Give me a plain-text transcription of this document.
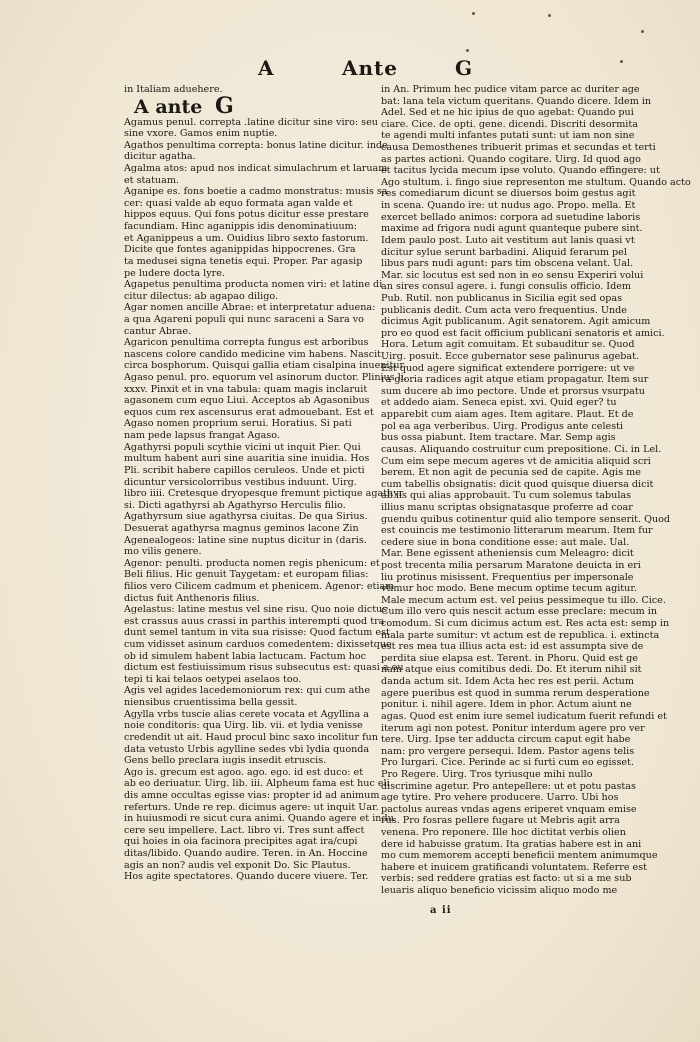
A	Ante	G
in Italiam aduehere.
A ante G
Agamus penul. correpta .latine dicitur sine viro: seu
sine vxore. Gamos enim nuptie.
Agathos penultima correpta: bonus latine dicitur. inde
dicitur agatha.
Agalma atos: apud nos indicat simulachrum et laruam
et statuam.
Aganipe es. fons boetie a cadmo monstratus: musis sa
cer: quasi valde ab equo formata agan valde et
hippos equus. Qui fons potus dicitur esse prestare
facundiam. Hinc aganippis idis denominatiuum:
et Aganippeus a um. Ouidius libro sexto fastorum.
Dicite que fontes aganippidas hippocrenes. Gra
ta medusei signa tenetis equi. Proper. Par agasip
pe ludere docta lyre.
Agapetus penultima producta nomen viri: et latine di
citur dilectus: ab agapao diligo.
Agar nomen ancille Abrae: et interpretatur aduena:
a qua Agareni populi qui nunc saraceni a Sara vo
cantur Abrae.
Agaricon penultima correpta fungus est arboribus
nascens colore candido medicine vim habens. Nascit
circa bosphorum. Quisqui gallia etiam cisalpina inuenitur.
Agaso penul. pro. equorum vel asinorum ductor. Plinius li.
xxxv. Pinxit et in vna tabula: quam magis inclaruit
agasonem cum equo Liui. Acceptos ab Agasonibus
equos cum rex ascensurus erat admouebant. Est et
Agaso nomen proprium serui. Horatius. Si pati
nam pede lapsus frangat Agaso.
Agathyrsi populi scythie vicini ut inquit Pier. Qui
multum habent auri sine auaritia sine inuidia. Hos
Pli. scribit habere capillos ceruleos. Unde et picti
dicuntur versicolorribus vestibus induunt. Uirg.
libro iiii. Cretesque dryopesque fremunt pictique agathyr
si. Dicti agathyrsi ab Agathyrso Herculis filio.
Agathyrsum siue agathyrsa ciuitas. De qua Sirius.
Desuerat agathyrsa magnus geminos lacone Zin
Agenealogeos: latine sine nuptus dicitur in (daris.
mo vilis genere.
Agenor: penulti. producta nomen regis phenicum: et
Beli filius. Hic genuit Taygetam: et europam filias:
filios vero Cilicem cadmum et phenicem. Agenor: etiam
dictus fuit Anthenoris filius.
Agelastus: latine mestus vel sine risu. Quo noie dictus
est crassus auus crassi in parthis interempti quod tra
dunt semel tantum in vita sua risisse: Quod factum est
cum vidisset asinum carduos comedentem: dixissetque
ob id simulem habent labia lactucam. Factum hoc
dictum est festiuissimum risus subsecutus est: quasi a ou
tepi ti kai telaos oetypei aselaos too.
Agis vel agides lacedemoniorum rex: qui cum athe
niensibus cruentissima bella gessit.
Agylla vrbs tuscie alias cerete vocata et Agyllina a
noie conditoris: qua Uirg. lib. vii. et lydia venisse
credendit ut ait. Haud procul binc saxo incolitur fun
data vetusto Urbis agylline sedes vbi lydia quonda
Gens bello preclara iugis insedit etruscis.
Ago is. grecum est agoo. ago. ego. id est duco: et
ab eo deriuatur. Uirg. lib. iii. Alpheum fama est huc eli
dis amne occultas egisse vias: propter id ad animum
referturs. Unde re rep. dicimus agere: ut inquit Uar.
in huiusmodi re sicut cura animi. Quando agere et indu
cere seu impellere. Lact. libro vi. Tres sunt affect
qui hoies in oia facinora precipites agat ira/cupi
ditas/libido. Quando audire. Teren. in An. Hoccine
agis an non? audis vel exponit Do. Sic Plautus.
Hos agite spectatores. Quando ducere viuere. Ter.
in An. Primum hec pudice vitam parce ac duriter age
bat: lana tela victum queritans. Quando dicere. Idem in
Adel. Sed et ne hic ipius de quo agebat: Quando pui
ciare. Cice. de opti. gene. dicendi. Discriti desormita
te agendi multi infantes putati sunt: ut iam non sine
causa Demosthenes tribuerit primas et secundas et terti
as partes actioni. Quando cogitare. Uirg. Id quod ago
et tacitus lycida mecum ipse voluto. Quando effingere: ut
Ago stultum. i. fingo siue representon me stultum. Quando acto
res comediarum dicunt se diuersos boim gestus agit
in scena. Quando ire: ut nudus ago. Propo. mella. Et
exercet bellado animos: corpora ad suetudine laboris
maxime ad frigora nudi agunt quanteque pubere sint.
Idem paulo post. Luto ait vestitum aut lanis quasi vt
dicitur sylue serunt barbadini. Aliquid ferarum pel
libus pars nudi agunt: pars tim obscena velant. Ual.
Mar. sic locutus est sed non in eo sensu Experiri volui
an sires consul agere. i. fungi consulis officio. Idem
Pub. Rutil. non publicanus in Sicilia egit sed opas
publicanis dedit. Cum acta vero frequentius. Unde
dicimus Agit publicanum. Agit senatorem. Agit amicum
pro eo quod est facit officium publicani senatoris et amici.
Hora. Letum agit comuitam. Et subauditur se. Quod
Uirg. posuit. Ecce gubernator sese palinurus agebat.
Est quod agere significat extendere porrigere: ut ve
ra gloria radices agit atque etiam propagatur. Item sur
sum ducere ab imo pectore. Unde et prorsus vsurpatu
et addedo aiam. Seneca epist. xvi. Quid eger? tu
apparebit cum aiam ages. Item agitare. Plaut. Et de
pol ea aga verberibus. Uirg. Prodigus ante celesti
bus ossa piabunt. Item tractare. Mar. Semp agis
causas. Aliquando costruitur cum prepositione. Ci. in Lel.
Cum eim sepe mecum ageres vt de amicitia aliquid scri
berem. Et non agit de pecunia sed de capite. Agis me
cum tabellis obsignatis: dicit quod quisque diuersa dicit
ab iis qui alias approbauit. Tu cum solemus tabulas
illius manu scriptas obsignatasque proferre ad coar
guendu quibus cotinentur quid alio tempore senserit. Quod
est couincis me testimonio litterarum mearum. Item fur
cedere siue in bona conditione esse: aut male. Ual.
Mar. Bene egissent atheniensis cum Meleagro: dicit
post trecenta milia persarum Maratone deuicta in eri
liu protinus misissent. Frequentius per impersonale
vtimur hoc modo. Bene mecum optime tecum agitur.
Male mecum actum est. vel peius pessimeque tu illo. Cice.
Cum illo vero quis nescit actum esse preclare: mecum in
comodum. Si cum dicimus actum est. Res acta est: semp in
mala parte sumitur: vt actum est de republica. i. extincta
est res mea tua illius acta est: id est assumpta sive de
perdita siue elapsa est. Terent. in Phoru. Quid est ge
nam atque eius comitibus dedi. Do. Et iterum nihil sit
danda actum sit. Idem Acta hec res est perii. Actum
agere pueribus est quod in summa rerum desperatione
ponitur. i. nihil agere. Idem in phor. Actum aiunt ne
agas. Quod est enim iure semel iudicatum fuerit refundi et
iterum agi non potest. Ponitur interdum agere pro ver
tere. Uirg. Ipse ter adducta circum caput egit habe
nam: pro vergere persequi. Idem. Pastor agens telis
Pro Iurgari. Cice. Perinde ac si furti cum eo egisset.
Pro Regere. Uirg. Tros tyriusque mihi nullo
discrimine agetur. Pro antepellere: ut et potu pastas
age tytire. Pro vehere producere. Uarro. Ubi hos
pactolus aureas vndas agens eriperet vnquam emise
rus. Pro fosras pellere fugare ut Mebris agit arra
venena. Pro reponere. Ille hoc dictitat verbis olien
dere id habuisse gratum. Ita gratias habere est in ani
mo cum memorem accepti beneficii mentem animumque
habere et inuicem gratificandi voluntatem. Referre est
verbis: sed reddere gratias est facto: ut si a me sub
leuaris aliquo beneficio vicissim aliquo modo me
a ii
